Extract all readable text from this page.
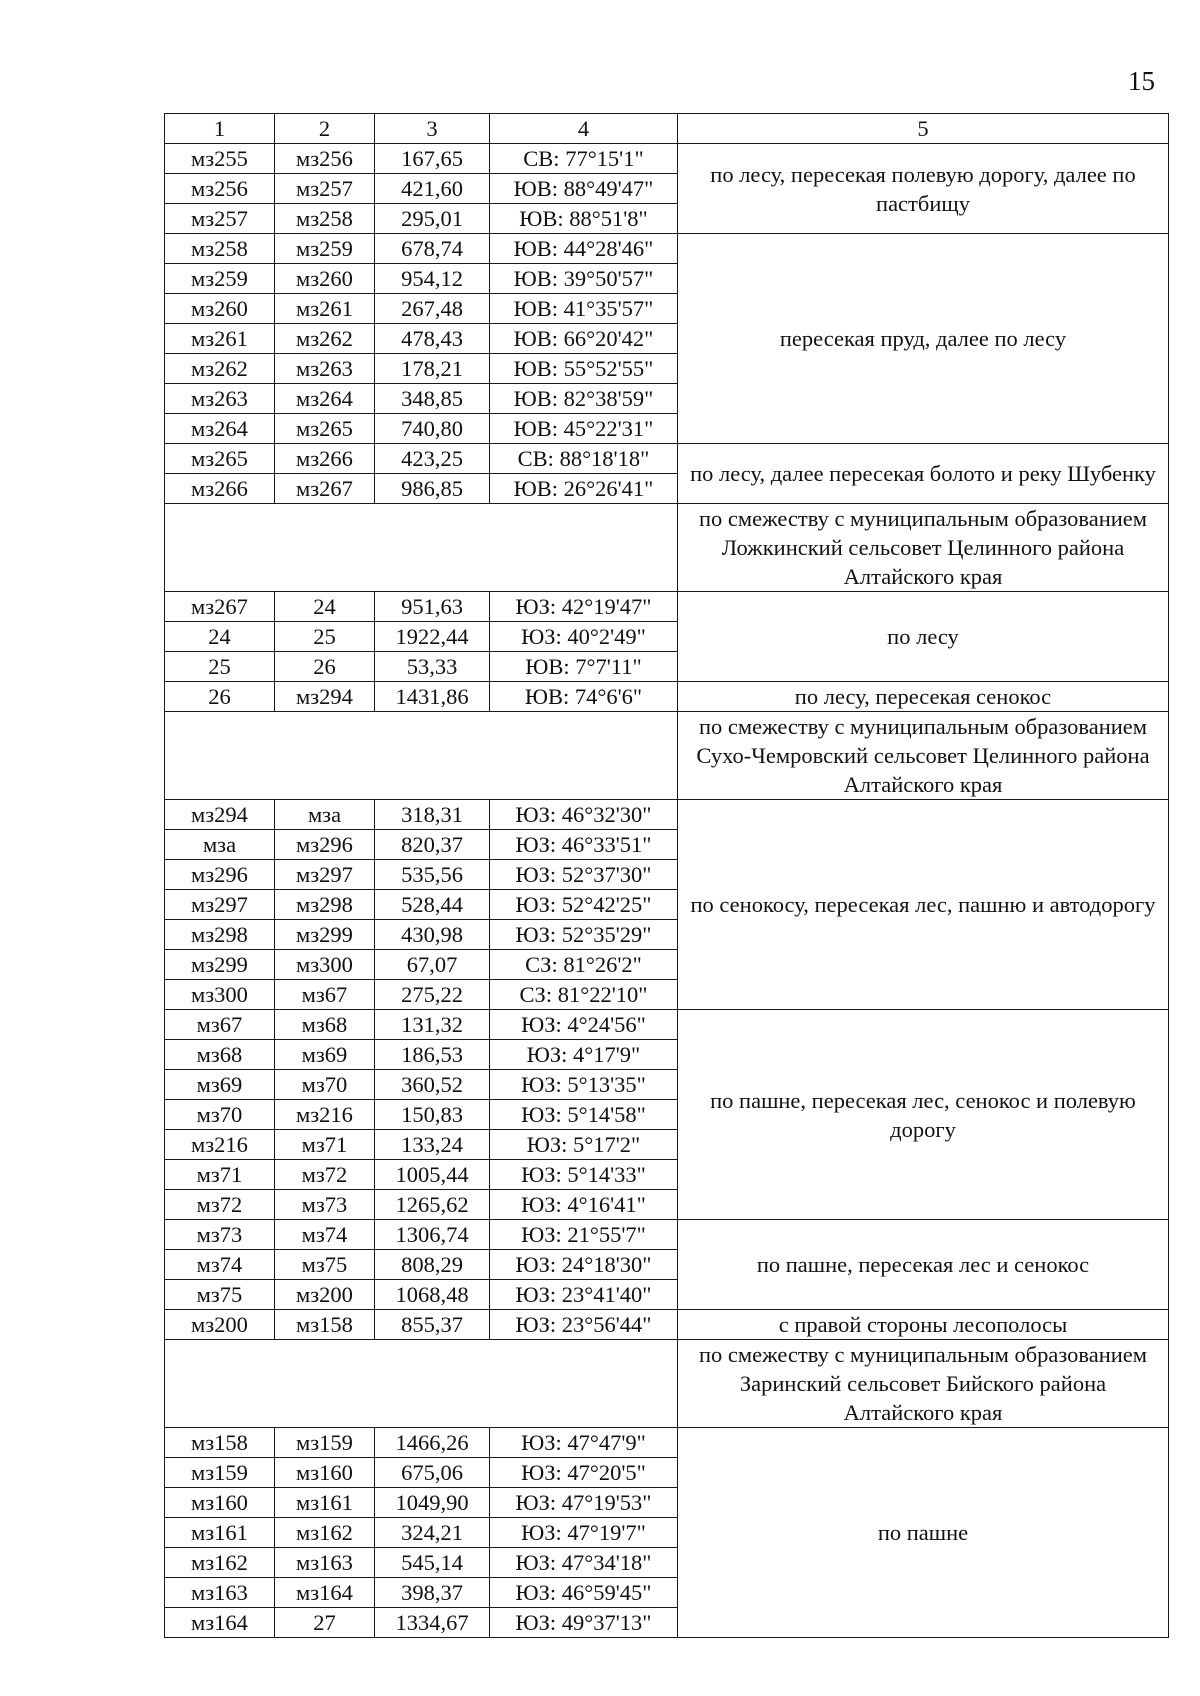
15
1	2	3	4	5
мз255	мз256	167,65	СВ: 77°15'1"	по лесу, пересекая полевую дорогу, далее по пастбищу
мз256	мз257	421,60	ЮВ: 88°49'47"	
мз257	мз258	295,01	ЮВ: 88°51'8"	
мз258	мз259	678,74	ЮВ: 44°28'46"	пересекая пруд, далее по лесу
мз259	мз260	954,12	ЮВ: 39°50'57"	
мз260	мз261	267,48	ЮВ: 41°35'57"	
мз261	мз262	478,43	ЮВ: 66°20'42"	
мз262	мз263	178,21	ЮВ: 55°52'55"	
мз263	мз264	348,85	ЮВ: 82°38'59"	
мз264	мз265	740,80	ЮВ: 45°22'31"	
мз265	мз266	423,25	СВ: 88°18'18"	по лесу, далее пересекая болото и реку Шубенку
мз266	мз267	986,85	ЮВ: 26°26'41"	
				по смежеству с муниципальным образованием Ложкинский сельсовет Целинного района Алтайского края
мз267	24	951,63	ЮЗ: 42°19'47"	по лесу
24	25	1922,44	ЮЗ: 40°2'49"	
25	26	53,33	ЮВ: 7°7'11"	
26	мз294	1431,86	ЮВ: 74°6'6"	по лесу, пересекая сенокос
				по смежеству с муниципальным образованием Сухо-Чемровский сельсовет Целинного района Алтайского края
мз294	мза	318,31	ЮЗ: 46°32'30"	по сенокосу, пересекая лес, пашню и автодорогу
мза	мз296	820,37	ЮЗ: 46°33'51"	
мз296	мз297	535,56	ЮЗ: 52°37'30"	
мз297	мз298	528,44	ЮЗ: 52°42'25"	
мз298	мз299	430,98	ЮЗ: 52°35'29"	
мз299	мз300	67,07	СЗ: 81°26'2"	
мз300	мз67	275,22	СЗ: 81°22'10"	
мз67	мз68	131,32	ЮЗ: 4°24'56"	по пашне, пересекая лес, сенокос и полевую дорогу
мз68	мз69	186,53	ЮЗ: 4°17'9"	
мз69	мз70	360,52	ЮЗ: 5°13'35"	
мз70	мз216	150,83	ЮЗ: 5°14'58"	
мз216	мз71	133,24	ЮЗ: 5°17'2"	
мз71	мз72	1005,44	ЮЗ: 5°14'33"	
мз72	мз73	1265,62	ЮЗ: 4°16'41"	
мз73	мз74	1306,74	ЮЗ: 21°55'7"	по пашне, пересекая лес и сенокос
мз74	мз75	808,29	ЮЗ: 24°18'30"	
мз75	мз200	1068,48	ЮЗ: 23°41'40"	
мз200	мз158	855,37	ЮЗ: 23°56'44"	с правой стороны лесополосы
				по смежеству с муниципальным образованием Заринский сельсовет Бийского района Алтайского края
мз158	мз159	1466,26	ЮЗ: 47°47'9"	по пашне
мз159	мз160	675,06	ЮЗ: 47°20'5"	
мз160	мз161	1049,90	ЮЗ: 47°19'53"	
мз161	мз162	324,21	ЮЗ: 47°19'7"	
мз162	мз163	545,14	ЮЗ: 47°34'18"	
мз163	мз164	398,37	ЮЗ: 46°59'45"	
мз164	27	1334,67	ЮЗ: 49°37'13"	
